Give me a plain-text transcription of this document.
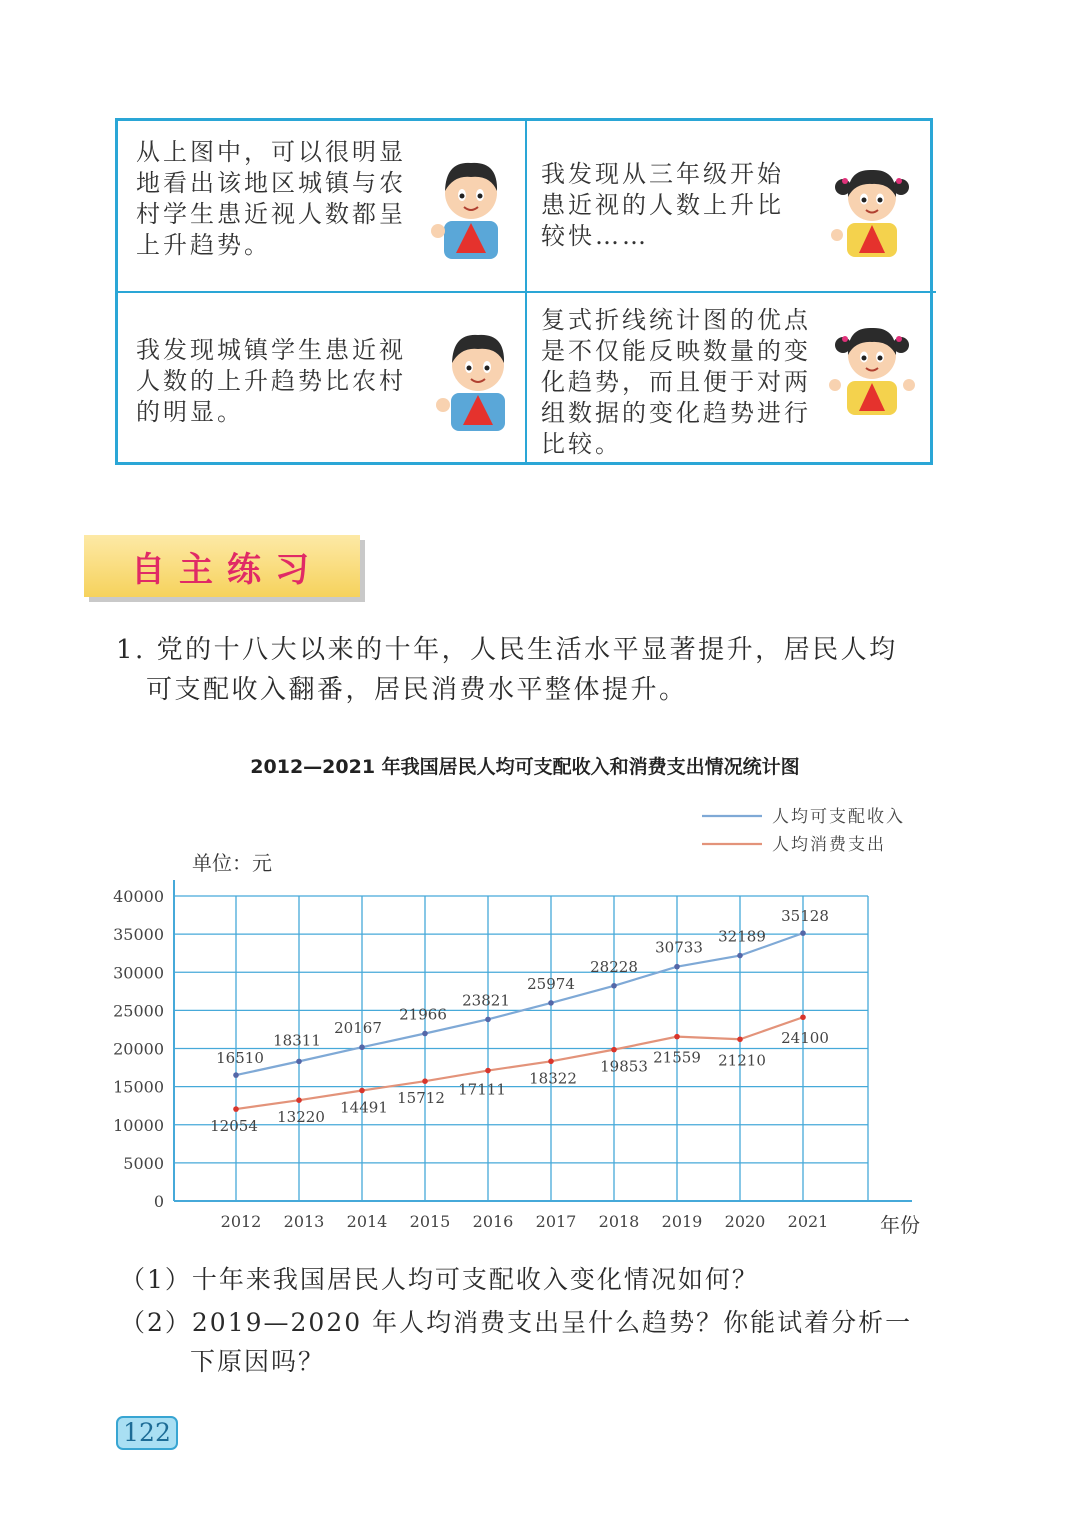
从上图中，可以很明显
地看出该地区城镇与农
村学生患近视人数都呈
上升趋势。
我发现从三年级开始
患近视的人数上升比
较快……
我发现城镇学生患近视
人数的上升趋势比农村
的明显。
复式折线统计图的优点
是不仅能反映数量的变
化趋势，而且便于对两
组数据的变化趋势进行
比较。
自主练习
1. 党的十八大以来的十年，人民生活水平显著提升，居民人均
可支配收入翻番，居民消费水平整体提升。
2012—2021 年我国居民人均可支配收入和消费支出情况统计图
0
5000
10000
15000
20000
25000
30000
35000
40000
2012 2013 2014 2015 2016 2017 2018 2019 2020 2021	年份
单位：元
16510
18311
20167
21966
23821
25974
28228
30733
32189
35128
12054 13220
14491
15712 17111
18322
19853
21559 21210
24100
人均可支配收入
人均消费支出
（1）十年来我国居民人均可支配收入变化情况如何？
（2）2019—2020 年人均消费支出呈什么趋势？你能试着分析一
下原因吗？
122
